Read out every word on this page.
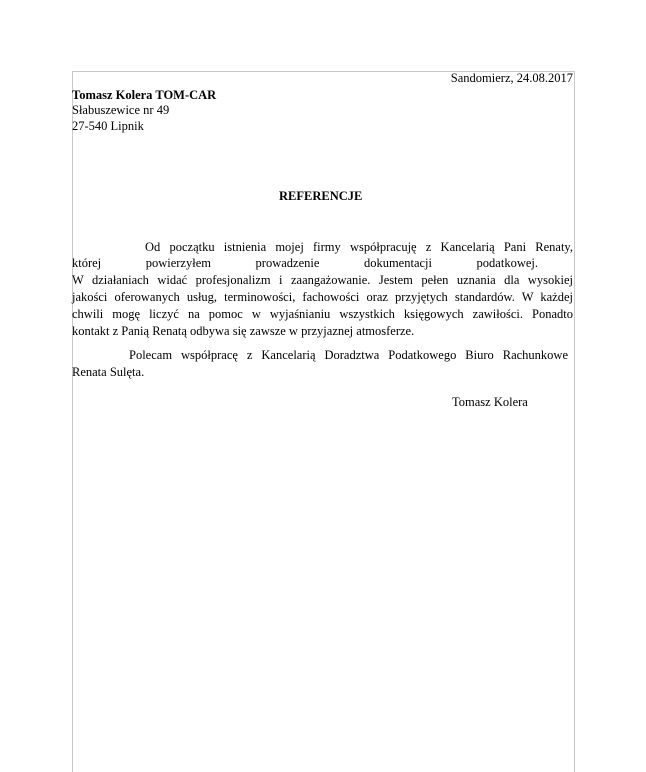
Sandomierz, 24.08.2017
Tomasz Kolera TOM-CAR
Słabuszewice nr 49
27-540 Lipnik
REFERENCJE
Od początku istnienia mojej firmy współpracuję z Kancelarią Pani Renaty,
której powierzyłem prowadzenie dokumentacji podatkowej.
W działaniach widać profesjonalizm i zaangażowanie. Jestem pełen uznania dla wysokiej
jakości oferowanych usług, terminowości, fachowości oraz przyjętych standardów. W każdej
chwili mogę liczyć na pomoc w wyjaśnianiu wszystkich księgowych zawiłości. Ponadto
kontakt z Panią Renatą odbywa się zawsze w przyjaznej atmosferze.
Polecam współpracę z Kancelarią Doradztwa Podatkowego Biuro Rachunkowe
Renata Sulęta.
Tomasz Kolera
